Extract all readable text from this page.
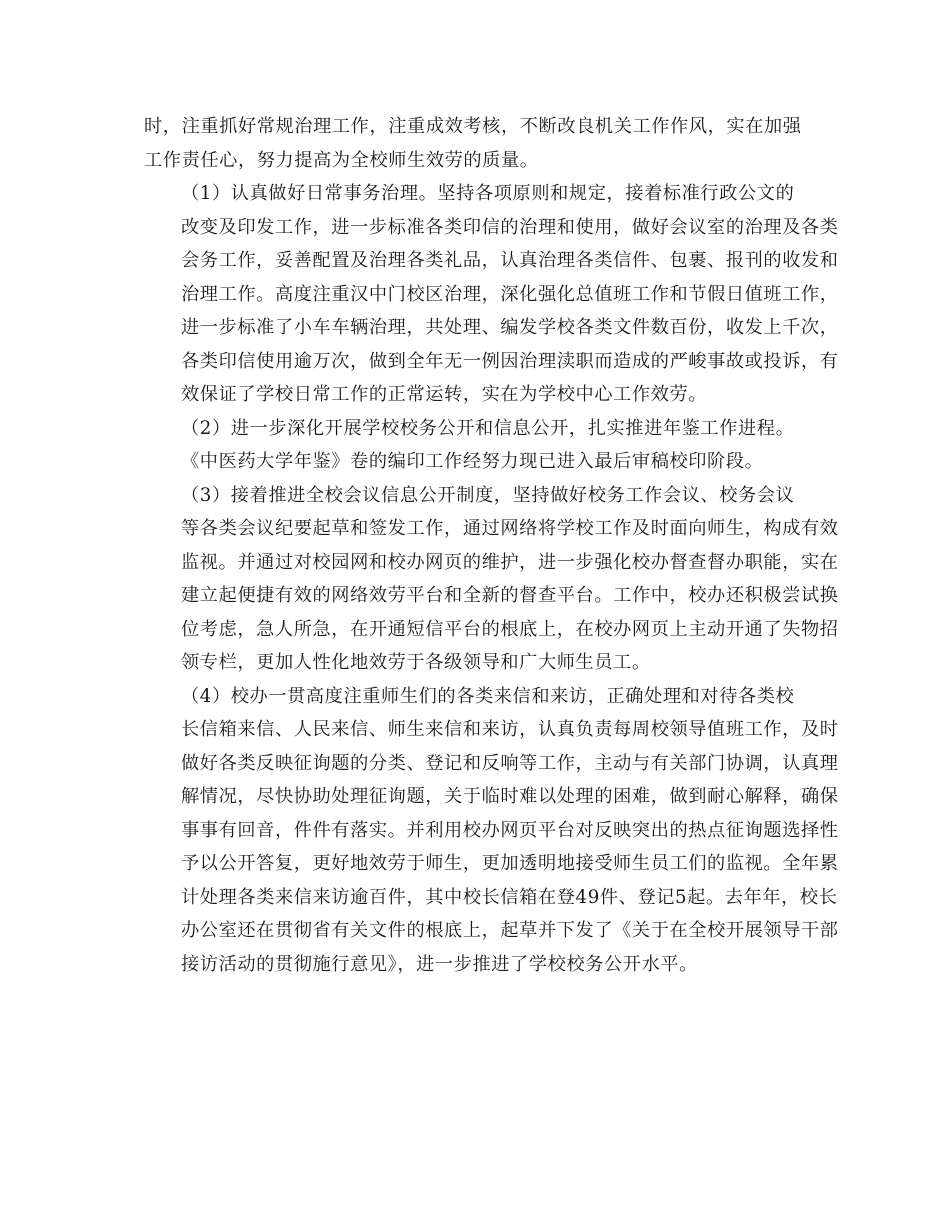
时，注重抓好常规治理工作，注重成效考核，不断改良机关工作作风，实在加强
工作责任心，努力提高为全校师生效劳的质量。

（1）认真做好日常事务治理。坚持各项原则和规定，接着标准行政公文的
改变及印发工作，进一步标准各类印信的治理和使用，做好会议室的治理及各类
会务工作，妥善配置及治理各类礼品，认真治理各类信件、包裹、报刊的收发和
治理工作。高度注重汉中门校区治理，深化强化总值班工作和节假日值班工作，
进一步标准了小车车辆治理，共处理、编发学校各类文件数百份，收发上千次，
各类印信使用逾万次，做到全年无一例因治理渎职而造成的严峻事故或投诉，有
效保证了学校日常工作的正常运转，实在为学校中心工作效劳。

（2）进一步深化开展学校校务公开和信息公开，扎实推进年鉴工作进程。
《中医药大学年鉴》卷的编印工作经努力现已进入最后审稿校印阶段。

（3）接着推进全校会议信息公开制度，坚持做好校务工作会议、校务会议
等各类会议纪要起草和签发工作，通过网络将学校工作及时面向师生，构成有效
监视。并通过对校园网和校办网页的维护，进一步强化校办督查督办职能，实在
建立起便捷有效的网络效劳平台和全新的督查平台。工作中，校办还积极尝试换
位考虑，急人所急，在开通短信平台的根底上，在校办网页上主动开通了失物招
领专栏，更加人性化地效劳于各级领导和广大师生员工。

（4）校办一贯高度注重师生们的各类来信和来访，正确处理和对待各类校
长信箱来信、人民来信、师生来信和来访，认真负责每周校领导值班工作，及时
做好各类反映征询题的分类、登记和反响等工作，主动与有关部门协调，认真理
解情况，尽快协助处理征询题，关于临时难以处理的困难，做到耐心解释，确保
事事有回音，件件有落实。并利用校办网页平台对反映突出的热点征询题选择性
予以公开答复，更好地效劳于师生，更加透明地接受师生员工们的监视。全年累
计处理各类来信来访逾百件，其中校长信箱在登49件、登记5起。去年年，校长
办公室还在贯彻省有关文件的根底上，起草并下发了《关于在全校开展领导干部
接访活动的贯彻施行意见》，进一步推进了学校校务公开水平。
